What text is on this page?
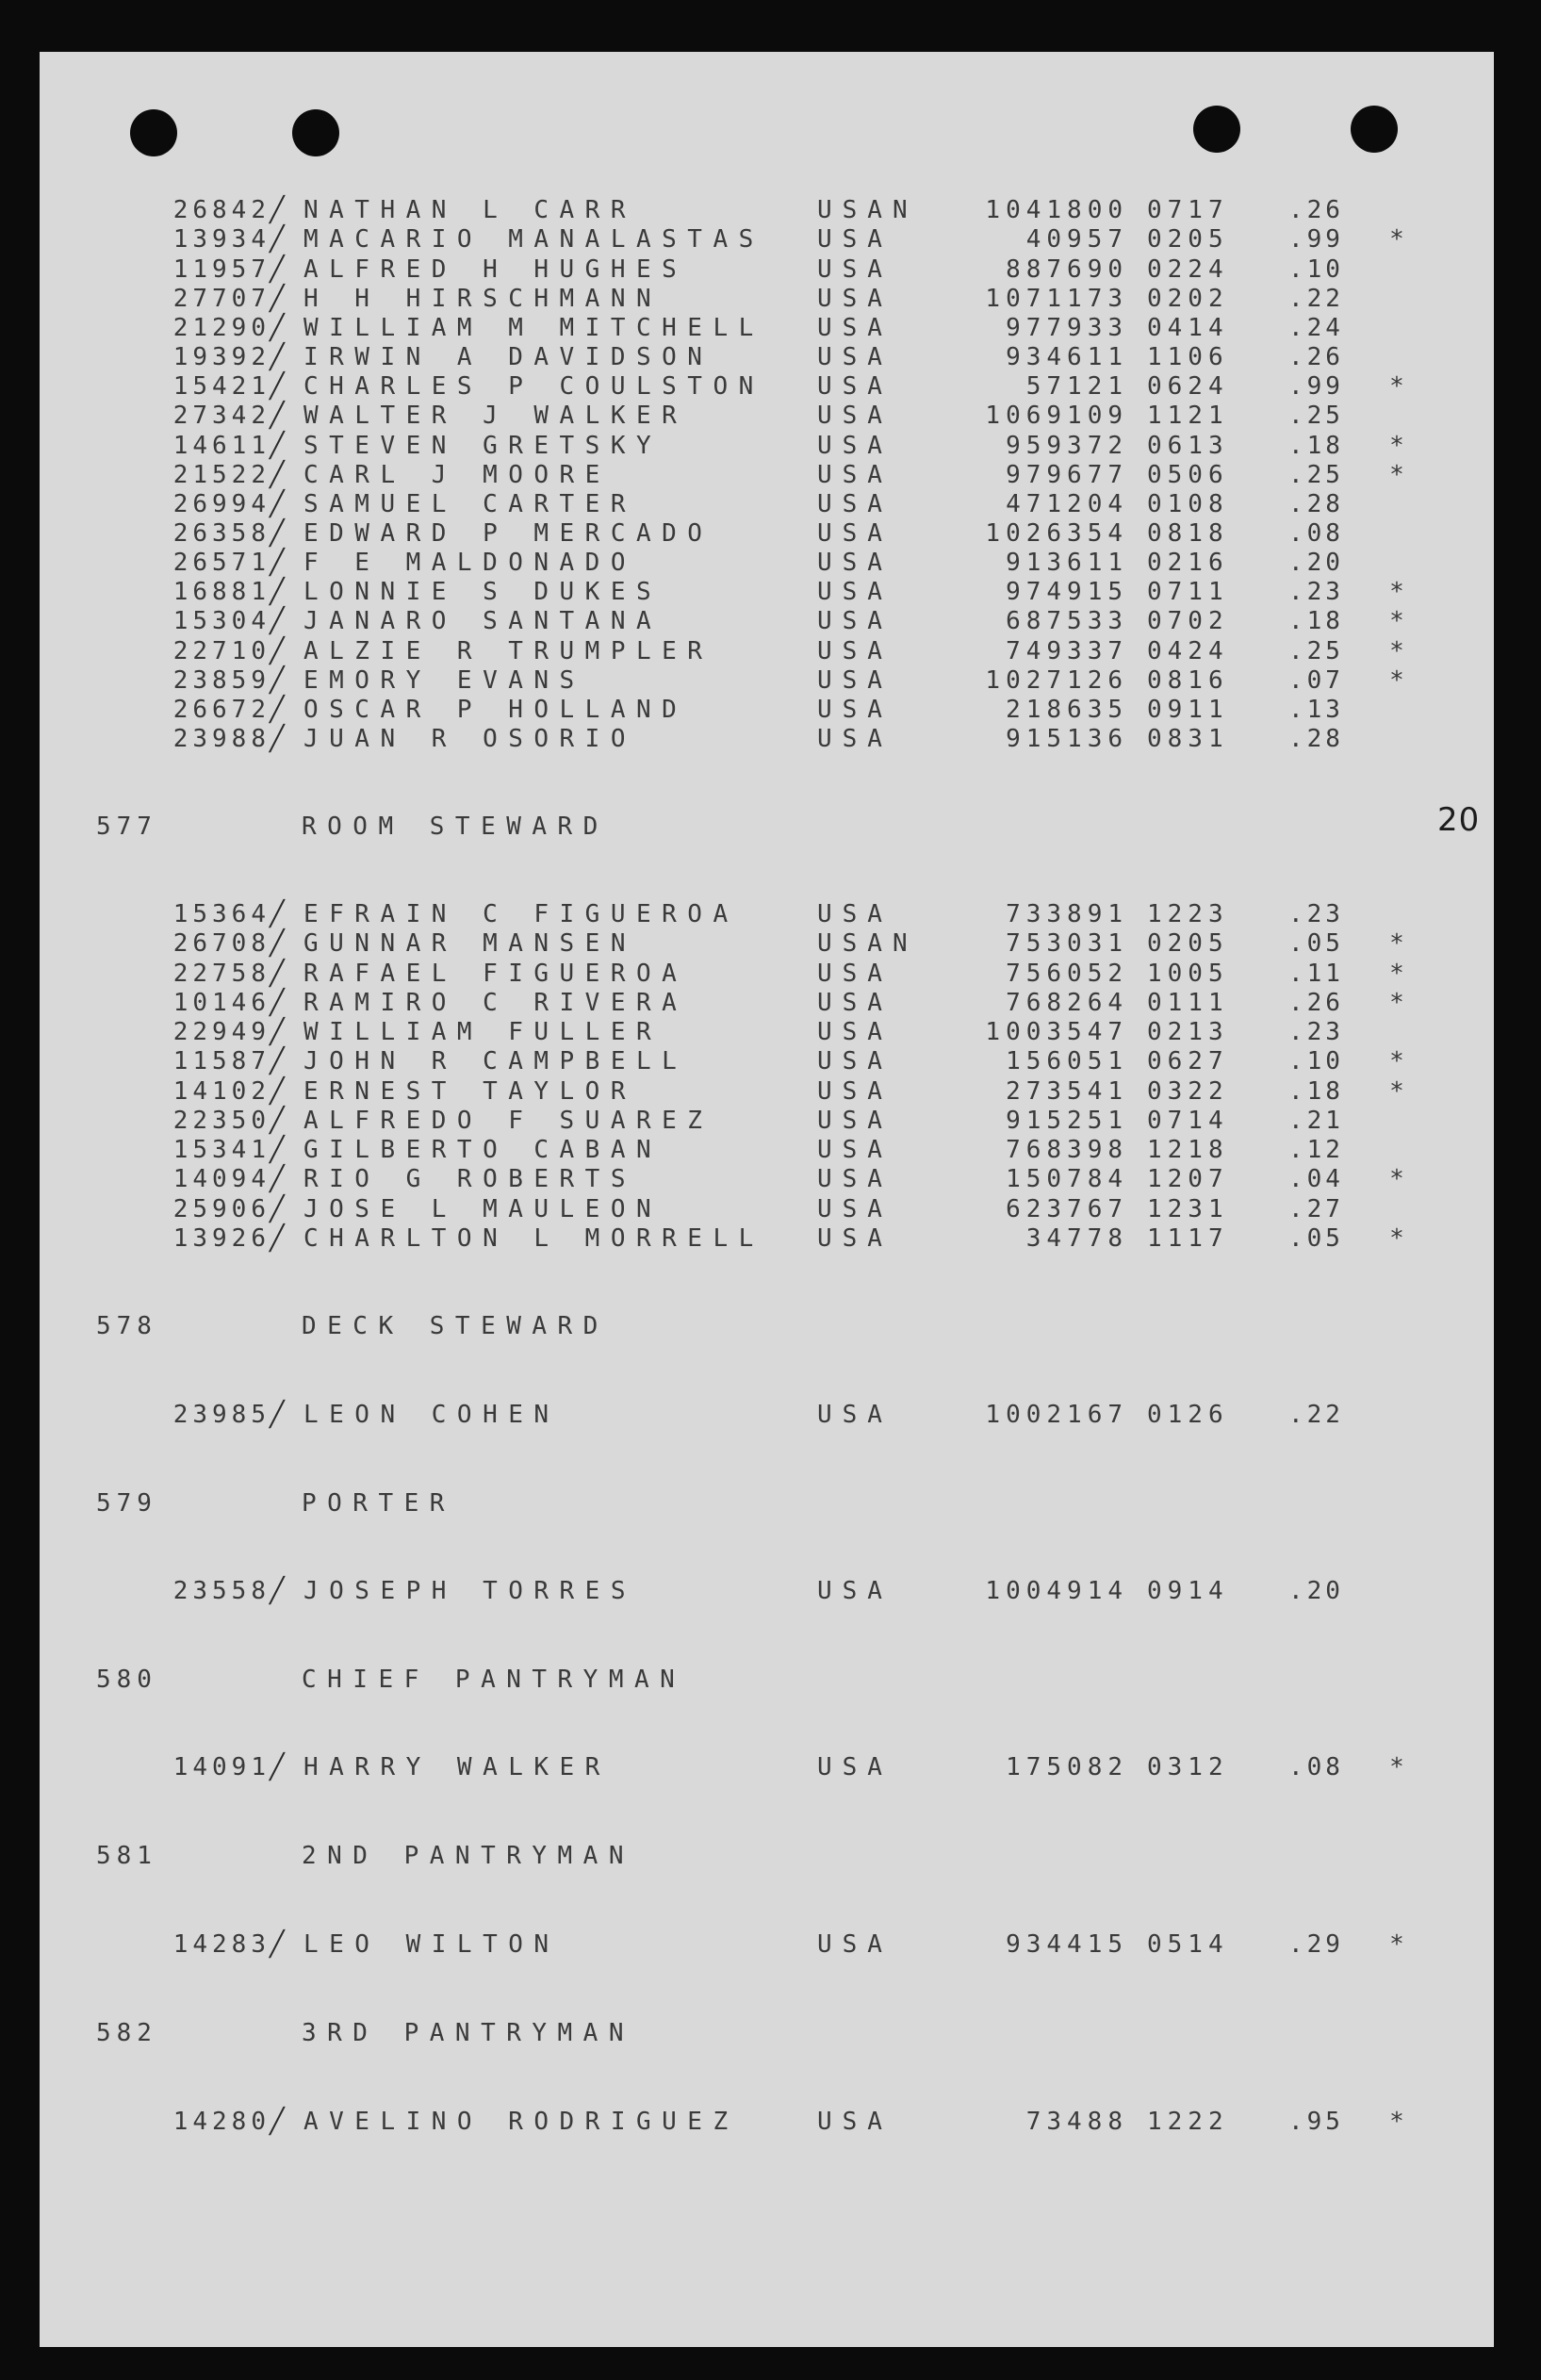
20
26842 ╱ NATHAN L CARR	USAN	1041800 0717 .26
13934 ╱ MACARIO MANALASTAS USA	40957 0205 .99 *
11957 ╱ ALFRED H HUGHES	USA	887690 0224 .10
27707 ╱ H H HIRSCHMANN	USA	1071173 0202 .22
21290 ╱ WILLIAM M MITCHELL USA	977933 0414 .24
19392 ╱ IRWIN A DAVIDSON	USA	934611 1106 .26
15421 ╱ CHARLES P COULSTON USA	57121 0624 .99 *
27342 ╱ WALTER J WALKER	USA	1069109 1121 .25
14611 ╱ STEVEN GRETSKY	USA	959372 0613 .18 *
21522 ╱ CARL J MOORE	USA	979677 0506 .25 *
26994 ╱ SAMUEL CARTER	USA	471204 0108 .28
26358 ╱ EDWARD P MERCADO	USA	1026354 0818 .08
26571 ╱ F E MALDONADO	USA	913611 0216 .20
16881 ╱ LONNIE S DUKES	USA	974915 0711 .23 *
15304 ╱ JANARO SANTANA	USA	687533 0702 .18 *
22710 ╱ ALZIE R TRUMPLER	USA	749337 0424 .25 *
23859 ╱ EMORY EVANS	USA	1027126 0816 .07 *
26672 ╱ OSCAR P HOLLAND	USA	218635 0911 .13
23988 ╱ JUAN R OSORIO	USA	915136 0831 .28
577	ROOM STEWARD
15364 ╱ EFRAIN C FIGUEROA	USA	733891 1223 .23
26708 ╱ GUNNAR MANSEN	USAN	753031 0205 .05 *
22758 ╱ RAFAEL FIGUEROA	USA	756052 1005 .11 *
10146 ╱ RAMIRO C RIVERA	USA	768264 0111 .26 *
22949 ╱ WILLIAM FULLER	USA	1003547 0213 .23
11587 ╱ JOHN R CAMPBELL	USA	156051 0627 .10 *
14102 ╱ ERNEST TAYLOR	USA	273541 0322 .18 *
22350 ╱ ALFREDO F SUAREZ	USA	915251 0714 .21
15341 ╱ GILBERTO CABAN	USA	768398 1218 .12
14094 ╱ RIO G ROBERTS	USA	150784 1207 .04 *
25906 ╱ JOSE L MAULEON	USA	623767 1231 .27
13926 ╱ CHARLTON L MORRELL USA	34778 1117 .05 *
578	DECK STEWARD
23985 ╱ LEON COHEN	USA	1002167 0126 .22
579	PORTER
23558 ╱ JOSEPH TORRES	USA	1004914 0914 .20
580	CHIEF PANTRYMAN
14091 ╱ HARRY WALKER	USA	175082 0312 .08 *
581	2ND PANTRYMAN
14283 ╱ LEO WILTON	USA	934415 0514 .29 *
582	3RD PANTRYMAN
14280 ╱ AVELINO RODRIGUEZ	USA	73488 1222 .95 *
